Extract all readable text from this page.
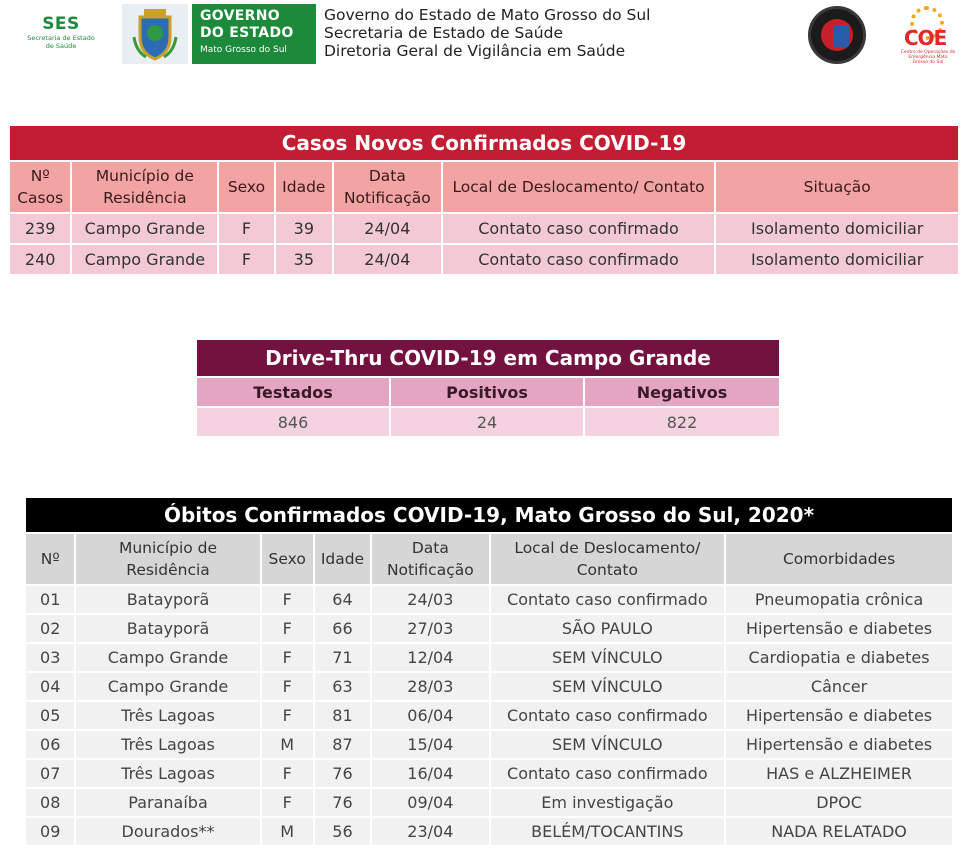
SES
Secretaria de Estado
de Saúde
GOVERNO
DO ESTADO
Mato Grosso do Sul
Governo do Estado de Mato Grosso do Sul
Secretaria de Estado de Saúde
Diretoria Geral de Vigilância em Saúde
COE
Centro de Operações de Emergência Mato Grosso do Sul
Casos Novos Confirmados COVID-19						
Nº Casos	Município de Residência	Sexo	Idade	Data Notificação	Local de Deslocamento/ Contato	Situação
239	Campo Grande	F	39	24/04	Contato caso confirmado	Isolamento domiciliar
240	Campo Grande	F	35	24/04	Contato caso confirmado	Isolamento domiciliar
Drive-Thru COVID-19 em Campo Grande		
Testados	Positivos	Negativos
846	24	822
Óbitos Confirmados COVID-19, Mato Grosso do Sul, 2020*						
Nº	Município de Residência	Sexo	Idade	Data Notificação	Local de Deslocamento/ Contato	Comorbidades
01	Batayporã	F	64	24/03	Contato caso confirmado	Pneumopatia crônica
02	Batayporã	F	66	27/03	SÃO PAULO	Hipertensão e diabetes
03	Campo Grande	F	71	12/04	SEM VÍNCULO	Cardiopatia e diabetes
04	Campo Grande	F	63	28/03	SEM VÍNCULO	Câncer
05	Três Lagoas	F	81	06/04	Contato caso confirmado	Hipertensão e diabetes
06	Três Lagoas	M	87	15/04	SEM VÍNCULO	Hipertensão e diabetes
07	Três Lagoas	F	76	16/04	Contato caso confirmado	HAS e ALZHEIMER
08	Paranaíba	F	76	09/04	Em investigação	DPOC
09	Dourados**	M	56	23/04	BELÉM/TOCANTINS	NADA RELATADO
